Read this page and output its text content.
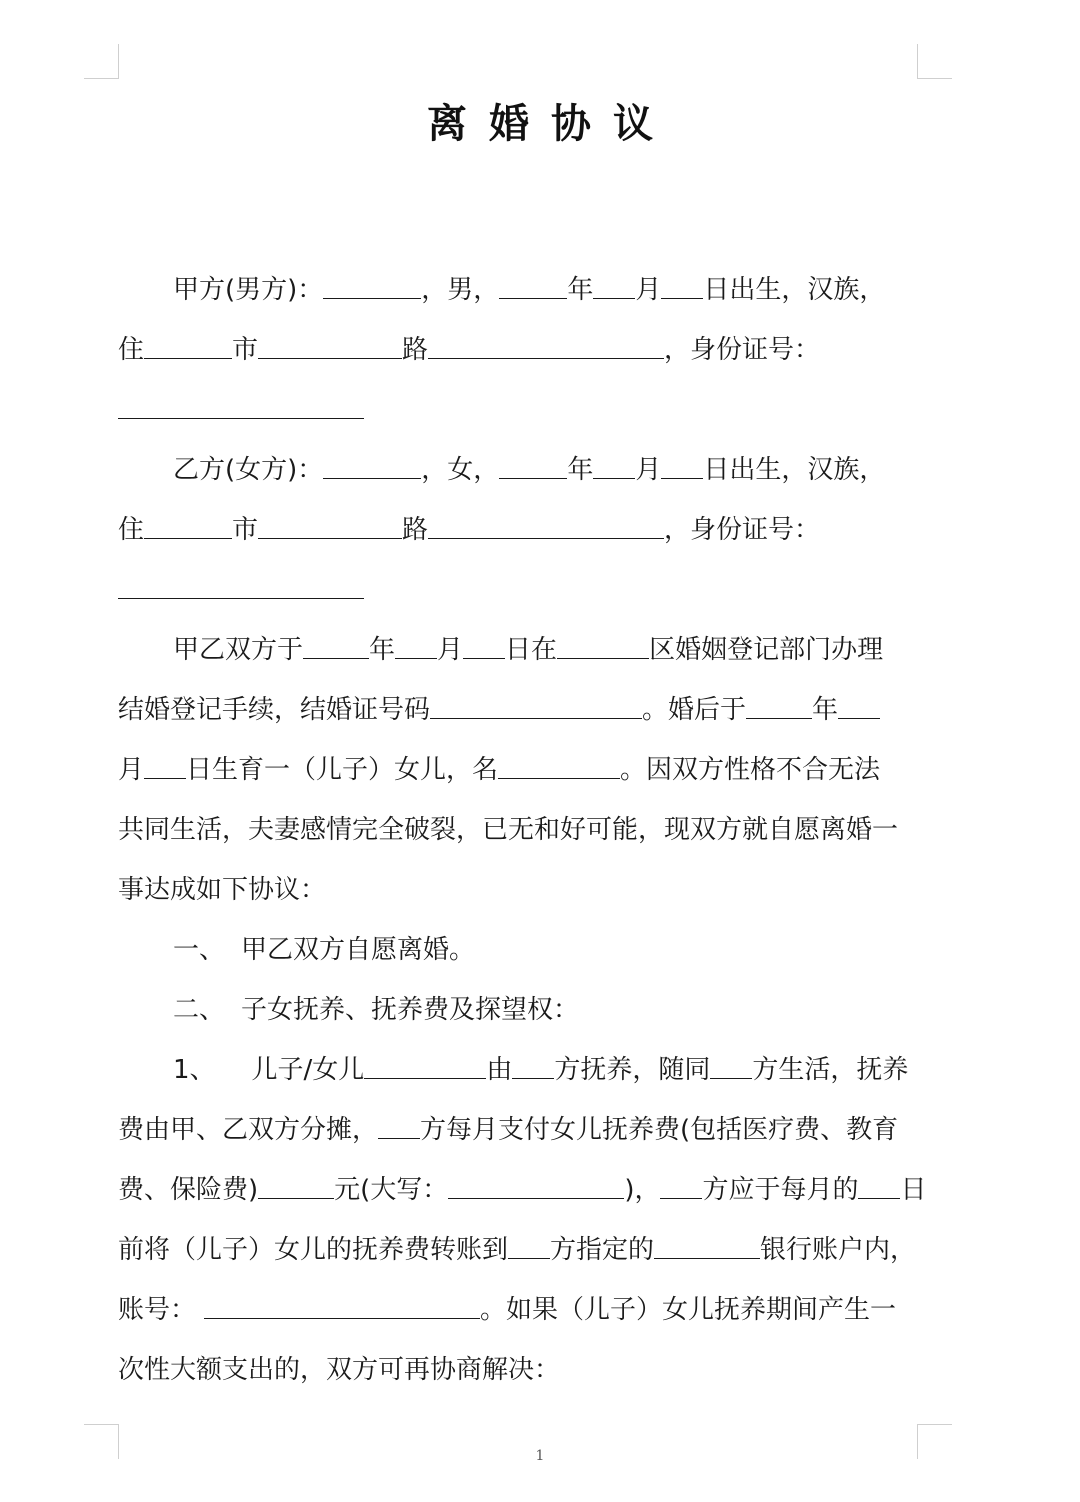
离婚协议
甲方(男方)：	，男，	年 月 日出生，汉族，
住	市	路	，身份证号：
乙方(女方)：	，女，	年 月 日出生，汉族，
住	市	路	，身份证号：
甲乙双方于	年 月 日在	区婚姻登记部门办理
结婚登记手续，结婚证号码	。婚后于	年
月 日生育一（儿子）女儿，名	。因双方性格不合无法
共同生活，夫妻感情完全破裂，已无和好可能，现双方就自愿离婚一
事达成如下协议：
一、 甲乙双方自愿离婚。
二、 子女抚养、抚养费及探望权：
1、 儿子/女儿	由 方抚养，随同 方生活，抚养
费由甲、乙双方分摊， 方每月支付女儿抚养费(包括医疗费、教育
费、保险费)	元(大写：	)， 方应于每月的 日
前将（儿子）女儿的抚养费转账到 方指定的	银行账户内，
账号：	。如果（儿子）女儿抚养期间产生一
次性大额支出的，双方可再协商解决：
1
